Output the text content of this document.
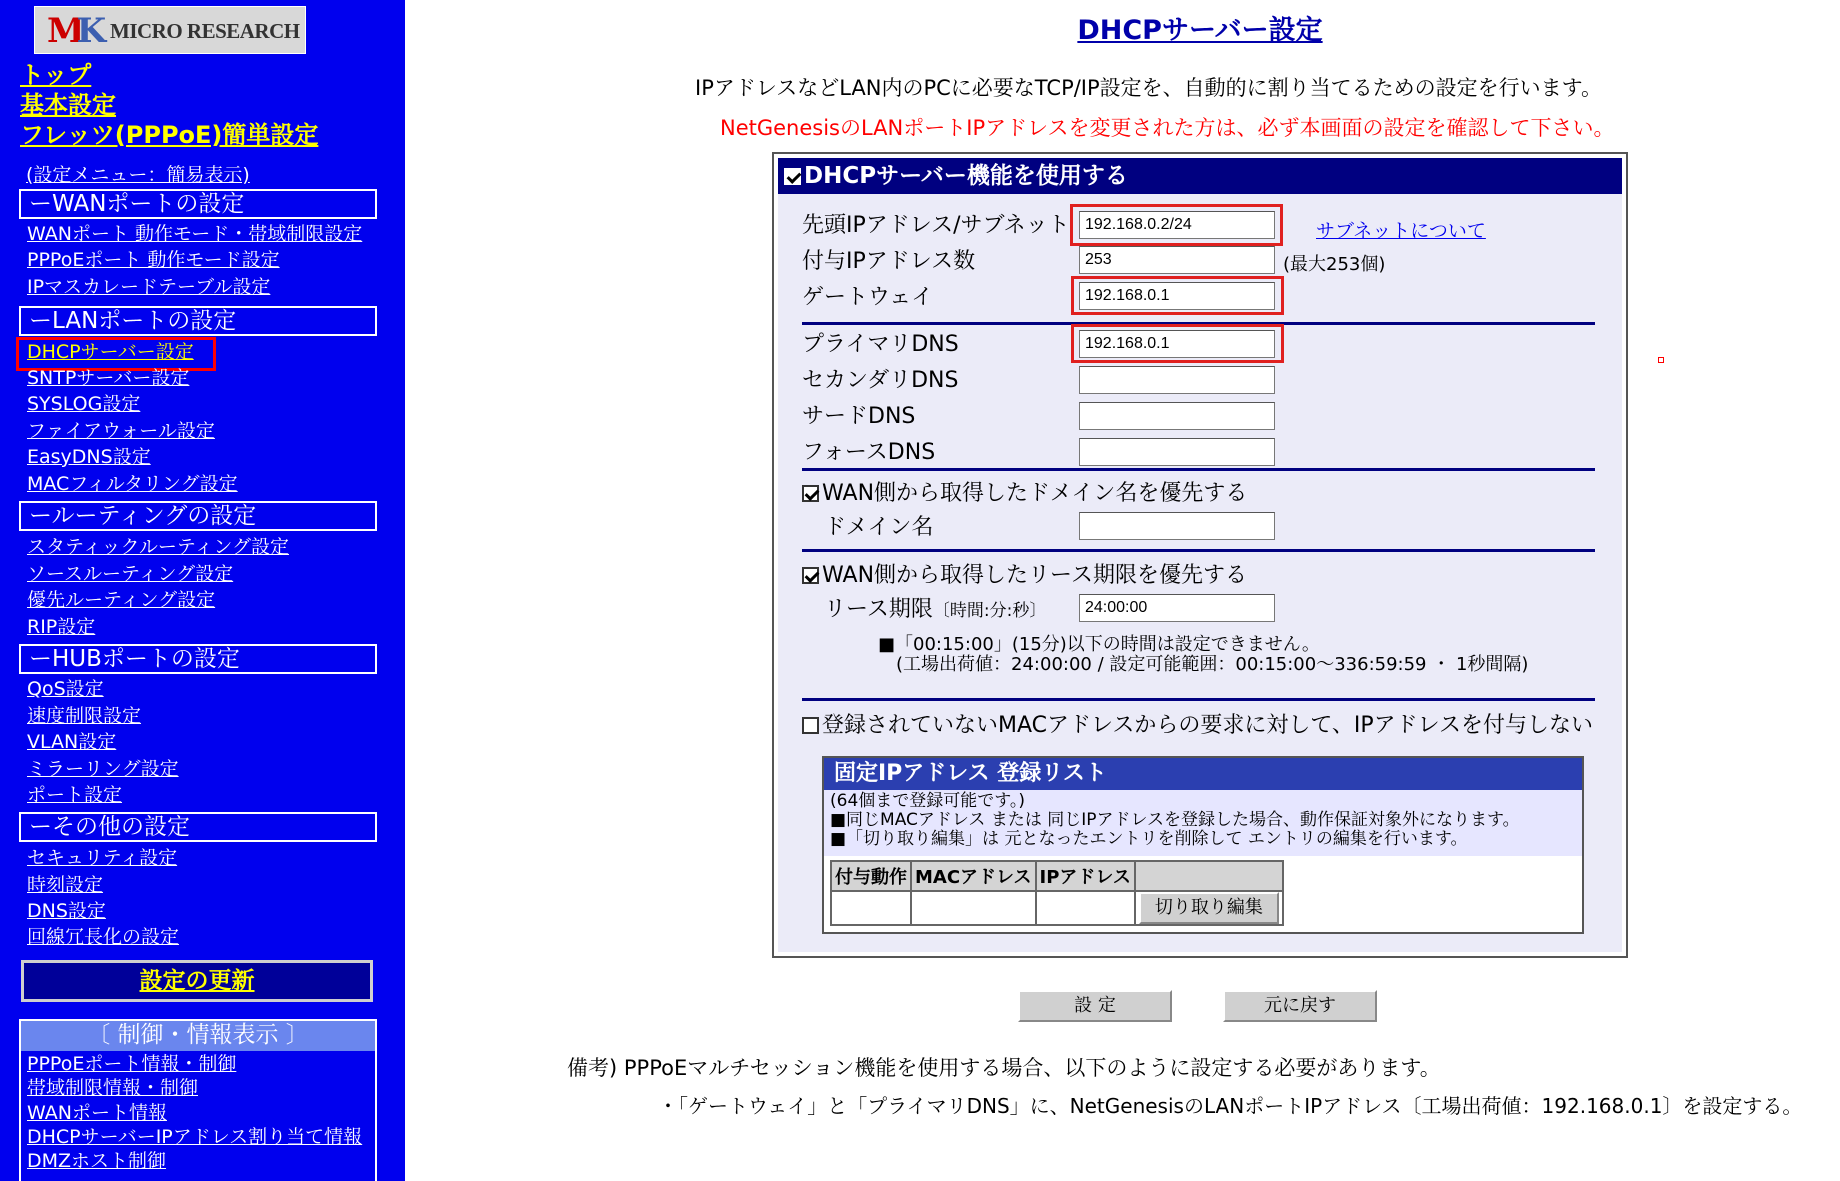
MK MICRO RESEARCH
トップ
基本設定
フレッツ(PPPoE)簡単設定
(設定メニュー：簡易表示)
ーWANポートの設定
WANポート 動作モード・帯域制限設定
PPPoEポート 動作モード設定
IPマスカレードテーブル設定
ーLANポートの設定
DHCPサーバー設定
SNTPサーバー設定
SYSLOG設定
ファイアウォール設定
EasyDNS設定
MACフィルタリング設定
ールーティングの設定
スタティックルーティング設定
ソースルーティング設定
優先ルーティング設定
RIP設定
ーHUBポートの設定
QoS設定
速度制限設定
VLAN設定
ミラーリング設定
ポート設定
ーその他の設定
セキュリティ設定
時刻設定
DNS設定
回線冗長化の設定
設定の更新
〔 制御・情報表示 〕
PPPoEポート情報・制御
帯域制限情報・制御
WANポート情報
DHCPサーバーIPアドレス割り当て情報
DMZホスト制御
DHCPサーバー設定
IPアドレスなどLAN内のPCに必要なTCP/IP設定を、自動的に割り当てるための設定を行います。
NetGenesisのLANポートIPアドレスを変更された方は、必ず本画面の設定を確認して下さい。
DHCPサーバー機能を使用する
先頭IPアドレス/サブネット 192.168.0.2/24	サブネットについて
付与IPアドレス数	253	(最大253個)
ゲートウェイ	192.168.0.1
プライマリDNS	192.168.0.1
セカンダリDNS
サードDNS
フォースDNS
WAN側から取得したドメイン名を優先する
ドメイン名
WAN側から取得したリース期限を優先する
リース期限〔時間:分:秒〕	24:00:00
■「00:15:00」(15分)以下の時間は設定できません。
(工場出荷値：24:00:00 / 設定可能範囲：00:15:00〜336:59:59 ・ 1秒間隔)
登録されていないMACアドレスからの要求に対して、IPアドレスを付与しない
固定IPアドレス 登録リスト
(64個まで登録可能です。)
■同じMACアドレス または 同じIPアドレスを登録した場合、動作保証対象外になります。
■「切り取り編集」は 元となったエントリを削除して エントリの編集を行います。
付与動作	MACアドレス	IPアドレス	

			切り取り編集
設 定	元に戻す
備考) PPPoEマルチセッション機能を使用する場合、以下のように設定する必要があります。
・「ゲートウェイ」と「プライマリDNS」に、NetGenesisのLANポートIPアドレス〔工場出荷値：192.168.0.1〕を設定する。
